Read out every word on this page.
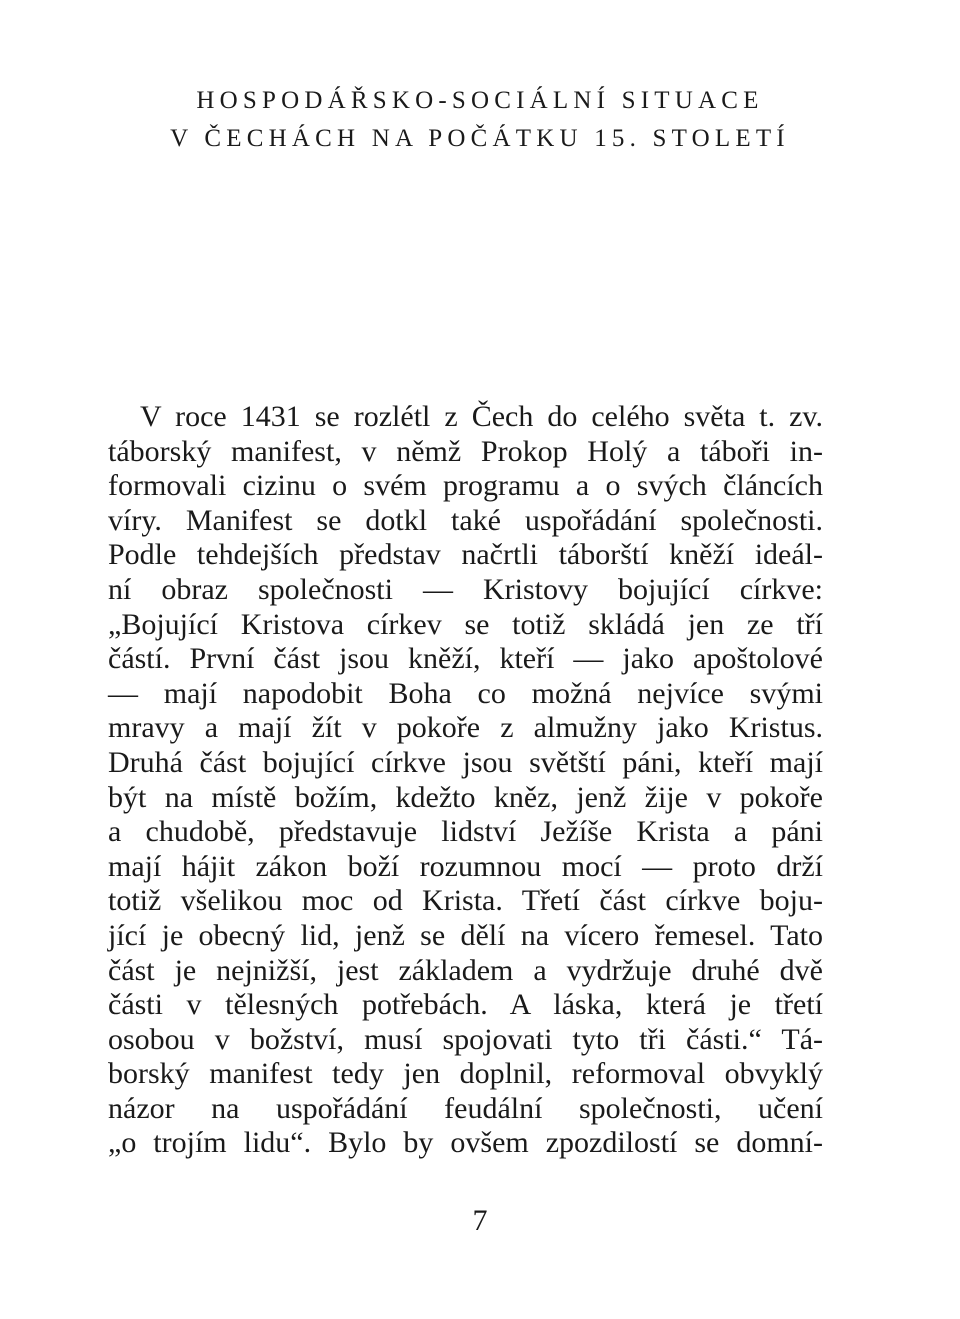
HOSPODÁŘSKO-SOCIÁLNÍ SITUACE
V ČECHÁCH NA POČÁTKU 15. STOLETÍ

V roce 1431 se rozlétl z Čech do celého světa t. zv.
táborský manifest, v němž Prokop Holý a táboři in-
formovali cizinu o svém programu a o svých článcích
víry. Manifest se dotkl také uspořádání společnosti.
Podle tehdejších představ načrtli táborští kněží ideál-
ní obraz společnosti — Kristovy bojující církve:
„Bojující Kristova církev se totiž skládá jen ze tří
částí. První část jsou kněží, kteří — jako apoštolové
— mají napodobit Boha co možná nejvíce svými
mravy a mají žít v pokoře z almužny jako Kristus.
Druhá část bojující církve jsou světští páni, kteří mají
být na místě božím, kdežto kněz, jenž žije v pokoře
a chudobě, představuje lidství Ježíše Krista a páni
mají hájit zákon boží rozumnou mocí — proto drží
totiž všelikou moc od Krista. Třetí část církve boju-
jící je obecný lid, jenž se dělí na vícero řemesel. Tato
část je nejnižší, jest základem a vydržuje druhé dvě
části v tělesných potřebách. A láska, která je třetí
osobou v božství, musí spojovati tyto tři části.“ Tá-
borský manifest tedy jen doplnil, reformoval obvyklý
názor na uspořádání feudální společnosti, učení
„o trojím lidu“. Bylo by ovšem zpozdilostí se domní-

7
